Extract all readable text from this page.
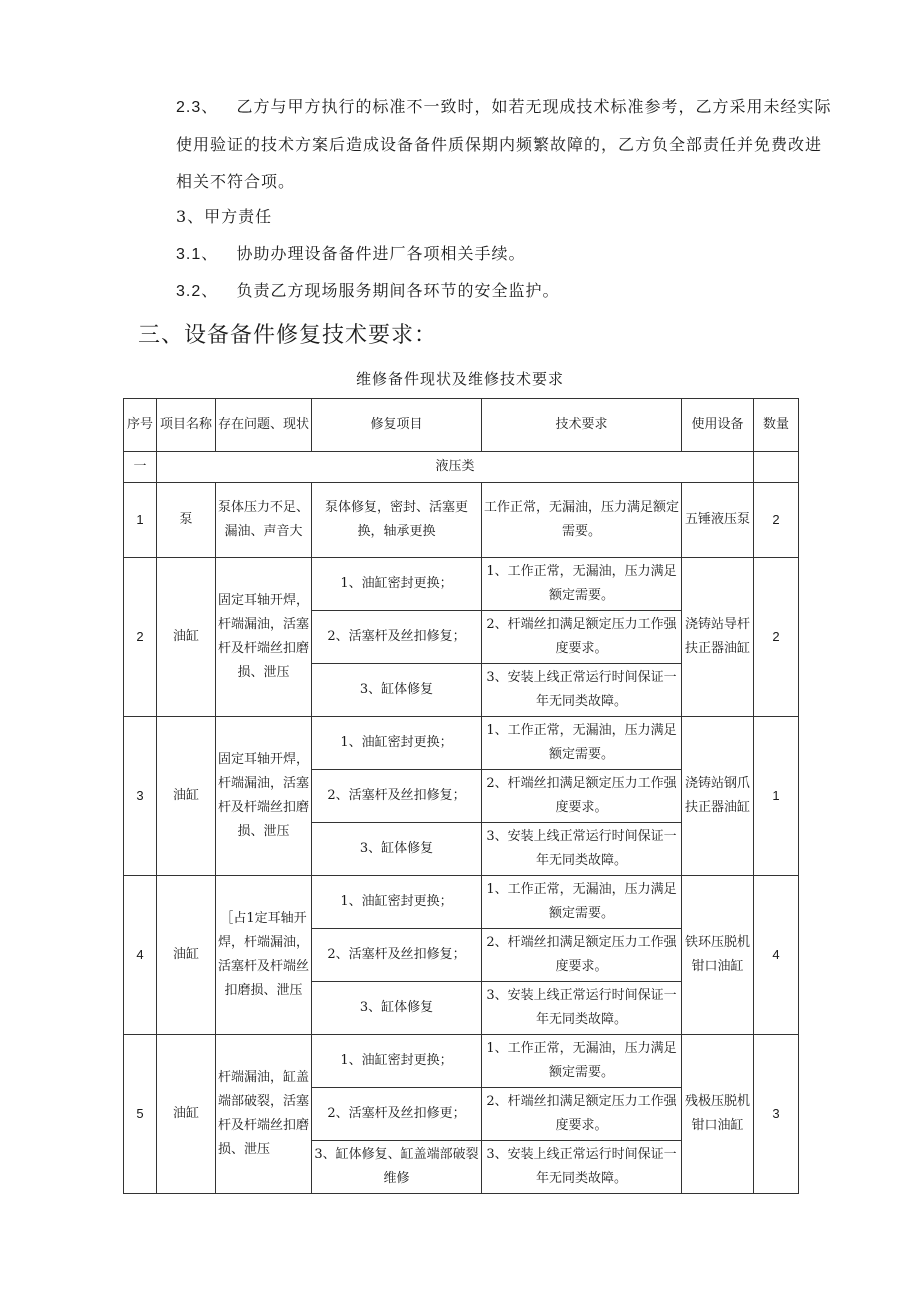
2.3、 乙方与甲方执行的标准不一致时，如若无现成技术标准参考，乙方采用未经实际使用验证的技术方案后造成设备备件质保期内频繁故障的，乙方负全部责任并免费改进相关不符合项。

3、甲方责任

3.1、 协助办理设备备件进厂各项相关手续。

3.2、 负责乙方现场服务期间各环节的安全监护。

三、设备备件修复技术要求：
维修备件现状及维修技术要求
序号	项目名称	存在问题、现状	修复项目	技术要求	使用设备	数量
一	液压类					
1	泵	泵体压力不足、漏油、声音大	泵体修复，密封、活塞更换，轴承更换	工作正常，无漏油，压力满足额定需要。	五锤液压泵	2
2	油缸	固定耳轴开焊，杆端漏油，活塞杆及杆端丝扣磨损、泄压	1、油缸密封更换；	1、工作正常，无漏油，压力满足额定需要。	浇铸站导杆扶正器油缸	2
			2、活塞杆及丝扣修复；	2、杆端丝扣满足额定压力工作强度要求。		
			3、缸体修复	3、安装上线正常运行时间保证一年无同类故障。		
3	油缸	固定耳轴开焊，杆端漏油，活塞杆及杆端丝扣磨损、泄压	1、油缸密封更换；	1、工作正常，无漏油，压力满足额定需要。	浇铸站钢爪扶正器油缸	1
			2、活塞杆及丝扣修复；	2、杆端丝扣满足额定压力工作强度要求。		
			3、缸体修复	3、安装上线正常运行时间保证一年无同类故障。		
4	油缸	［占1定耳轴开焊，杆端漏油，活塞杆及杆端丝扣磨损、泄压	1、油缸密封更换；	1、工作正常，无漏油，压力满足额定需要。	铁环压脱机钳口油缸	4
			2、活塞杆及丝扣修复；	2、杆端丝扣满足额定压力工作强度要求。		
			3、缸体修复	3、安装上线正常运行时间保证一年无同类故障。		
5	油缸	杆端漏油，缸盖端部破裂，活塞杆及杆端丝扣磨损、泄压	1、油缸密封更换；	1、工作正常，无漏油，压力满足额定需要。	残极压脱机钳口油缸	3
			2、活塞杆及丝扣修更；	2、杆端丝扣满足额定压力工作强度要求。		
			3、缸体修复、缸盖端部破裂维修	3、安装上线正常运行时间保证一年无同类故障。		
